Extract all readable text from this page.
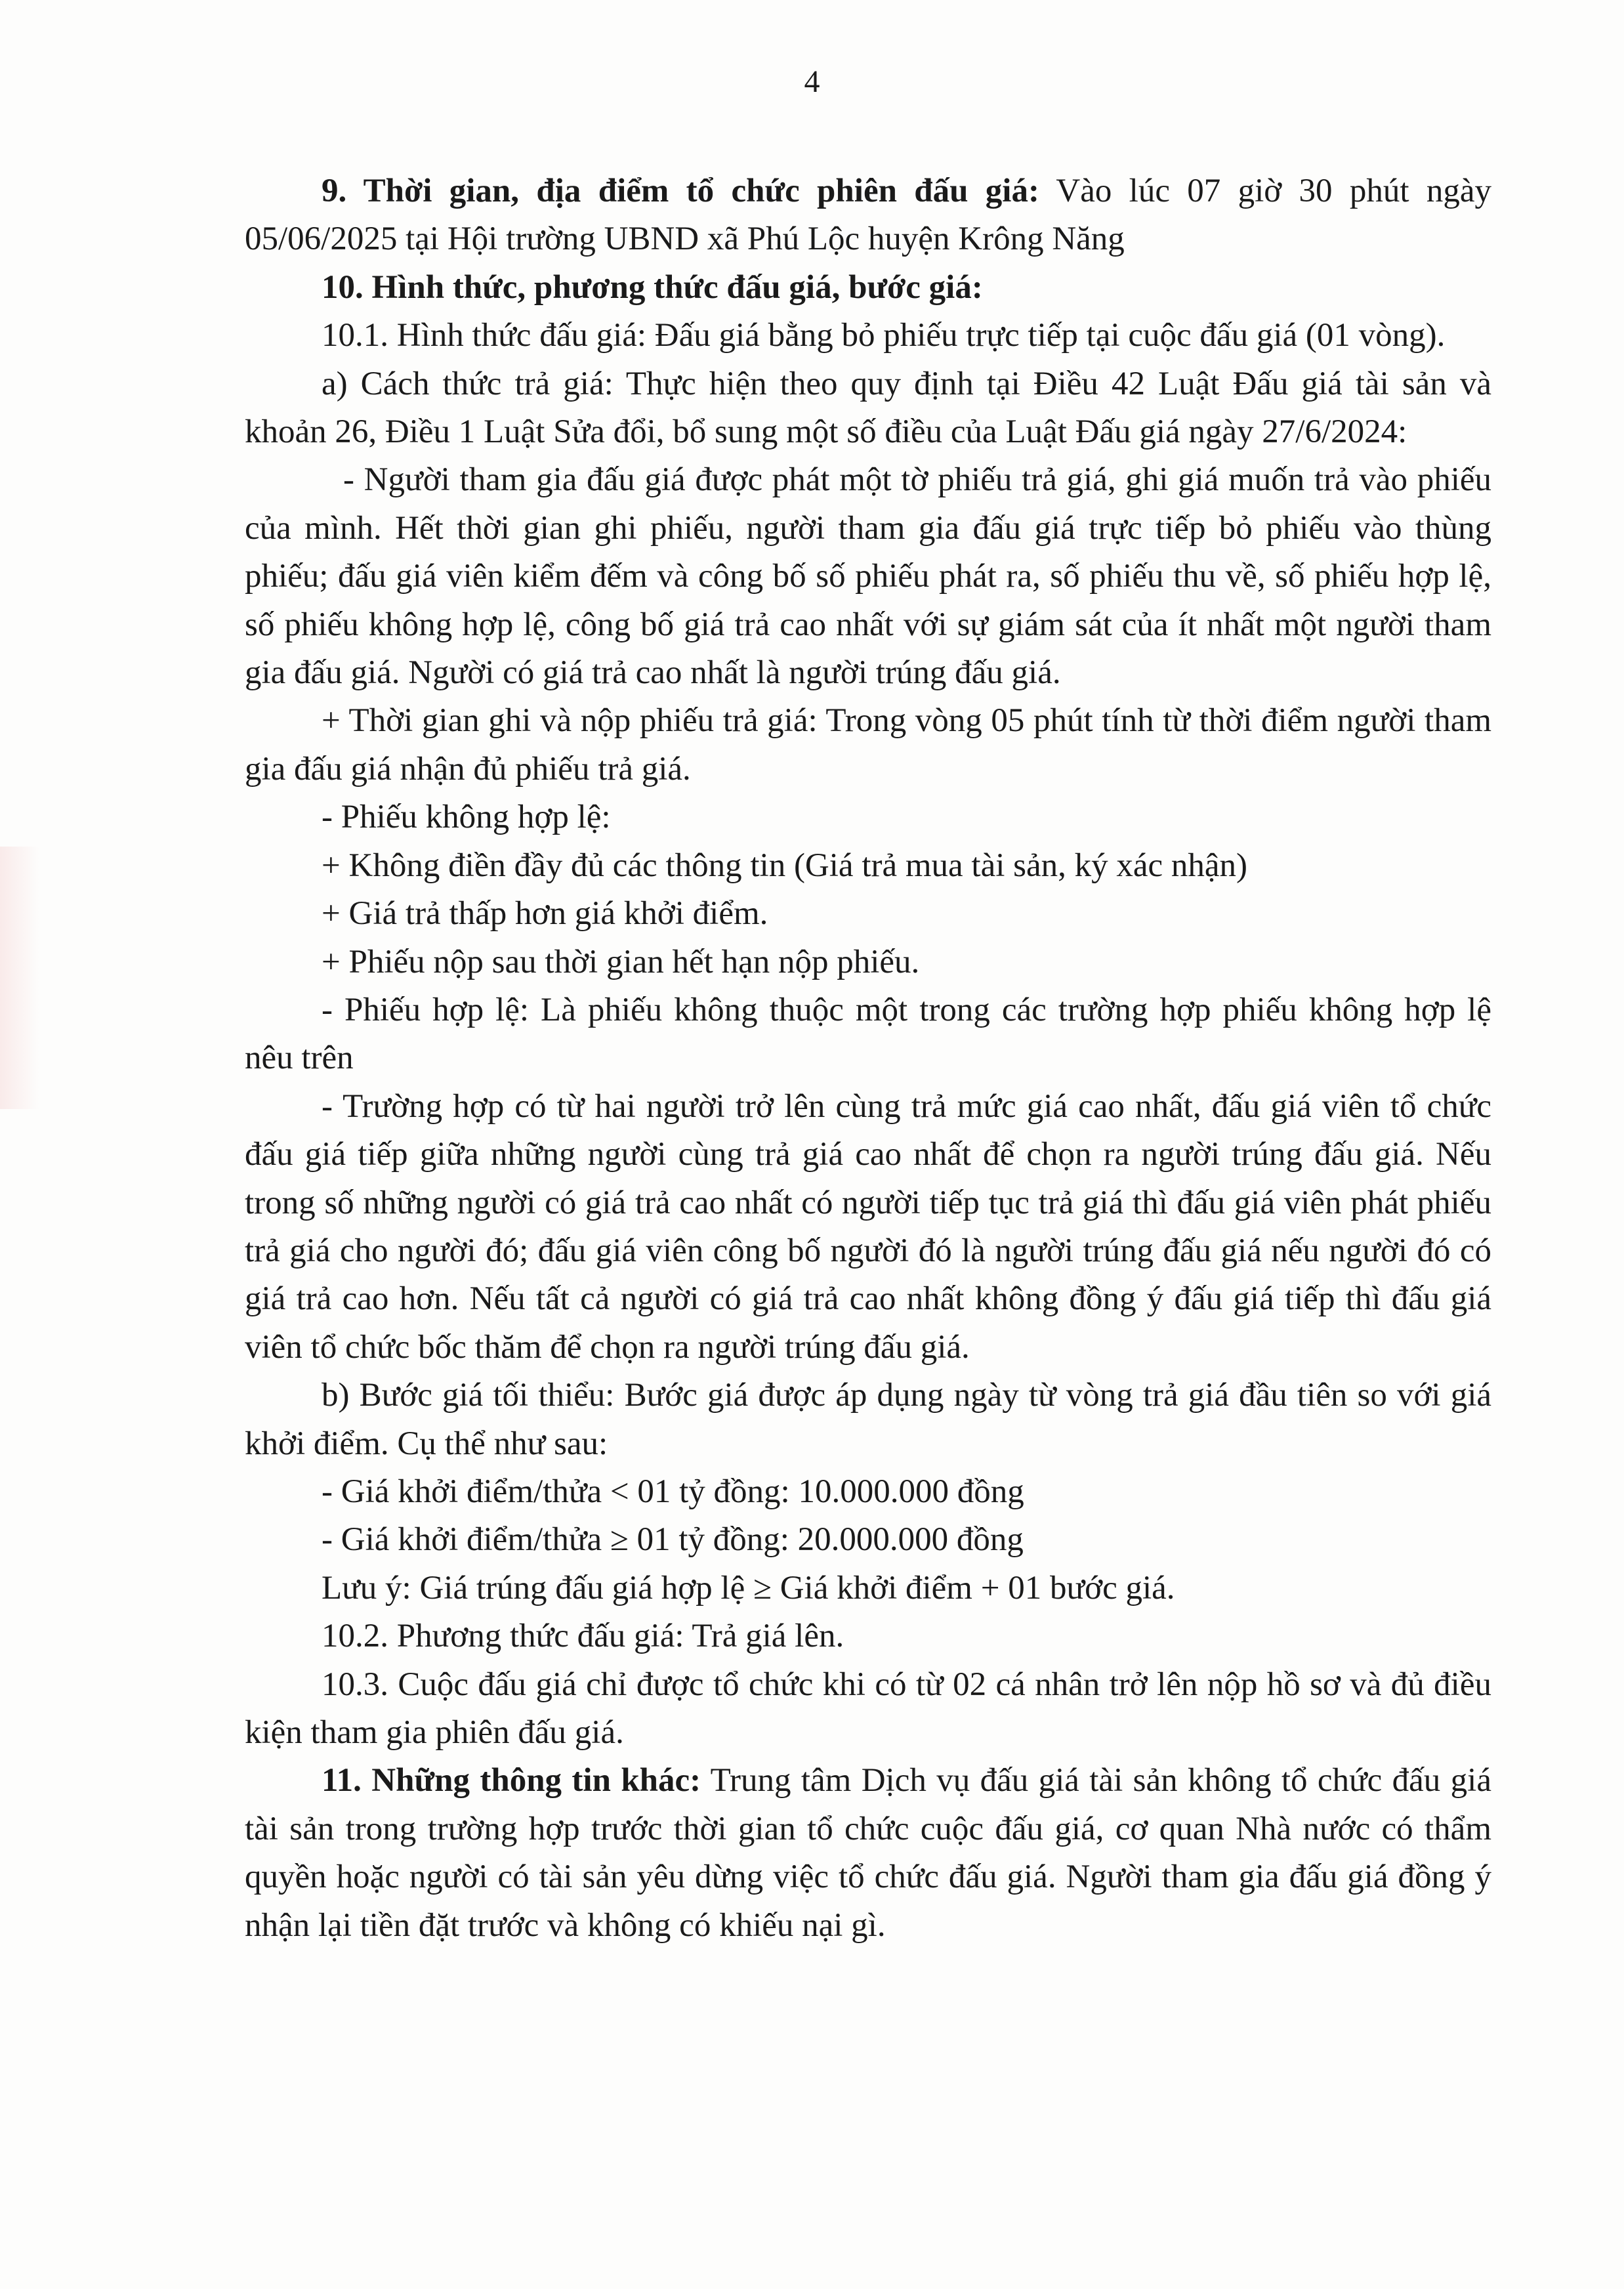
4

9. Thời gian, địa điểm tổ chức phiên đấu giá: Vào lúc 07 giờ 30 phút ngày 05/06/2025 tại Hội trường UBND xã Phú Lộc huyện Krông Năng

10. Hình thức, phương thức đấu giá, bước giá:

10.1. Hình thức đấu giá: Đấu giá bằng bỏ phiếu trực tiếp tại cuộc đấu giá (01 vòng).

a) Cách thức trả giá: Thực hiện theo quy định tại Điều 42 Luật Đấu giá tài sản và khoản 26, Điều 1 Luật Sửa đổi, bổ sung một số điều của Luật Đấu giá ngày 27/6/2024:

- Người tham gia đấu giá được phát một tờ phiếu trả giá, ghi giá muốn trả vào phiếu của mình. Hết thời gian ghi phiếu, người tham gia đấu giá trực tiếp bỏ phiếu vào thùng phiếu; đấu giá viên kiểm đếm và công bố số phiếu phát ra, số phiếu thu về, số phiếu hợp lệ, số phiếu không hợp lệ, công bố giá trả cao nhất với sự giám sát của ít nhất một người tham gia đấu giá. Người có giá trả cao nhất là người trúng đấu giá.

+ Thời gian ghi và nộp phiếu trả giá: Trong vòng 05 phút tính từ thời điểm người tham gia đấu giá nhận đủ phiếu trả giá.

- Phiếu không hợp lệ:

+ Không điền đầy đủ các thông tin (Giá trả mua tài sản, ký xác nhận)

+ Giá trả thấp hơn giá khởi điểm.

+ Phiếu nộp sau thời gian hết hạn nộp phiếu.

- Phiếu hợp lệ: Là phiếu không thuộc một trong các trường hợp phiếu không hợp lệ nêu trên

- Trường hợp có từ hai người trở lên cùng trả mức giá cao nhất, đấu giá viên tổ chức đấu giá tiếp giữa những người cùng trả giá cao nhất để chọn ra người trúng đấu giá. Nếu trong số những người có giá trả cao nhất có người tiếp tục trả giá thì đấu giá viên phát phiếu trả giá cho người đó; đấu giá viên công bố người đó là người trúng đấu giá nếu người đó có giá trả cao hơn. Nếu tất cả người có giá trả cao nhất không đồng ý đấu giá tiếp thì đấu giá viên tổ chức bốc thăm để chọn ra người trúng đấu giá.

b) Bước giá tối thiểu: Bước giá được áp dụng ngày từ vòng trả giá đầu tiên so với giá khởi điểm. Cụ thể như sau:

- Giá khởi điểm/thửa < 01 tỷ đồng: 10.000.000 đồng

- Giá khởi điểm/thửa ≥ 01 tỷ đồng: 20.000.000 đồng

Lưu ý: Giá trúng đấu giá hợp lệ ≥ Giá khởi điểm + 01 bước giá.

10.2. Phương thức đấu giá: Trả giá lên.

10.3. Cuộc đấu giá chỉ được tổ chức khi có từ 02 cá nhân trở lên nộp hồ sơ và đủ điều kiện tham gia phiên đấu giá.

11. Những thông tin khác: Trung tâm Dịch vụ đấu giá tài sản không tổ chức đấu giá tài sản trong trường hợp trước thời gian tổ chức cuộc đấu giá, cơ quan Nhà nước có thẩm quyền hoặc người có tài sản yêu dừng việc tổ chức đấu giá. Người tham gia đấu giá đồng ý nhận lại tiền đặt trước và không có khiếu nại gì.
